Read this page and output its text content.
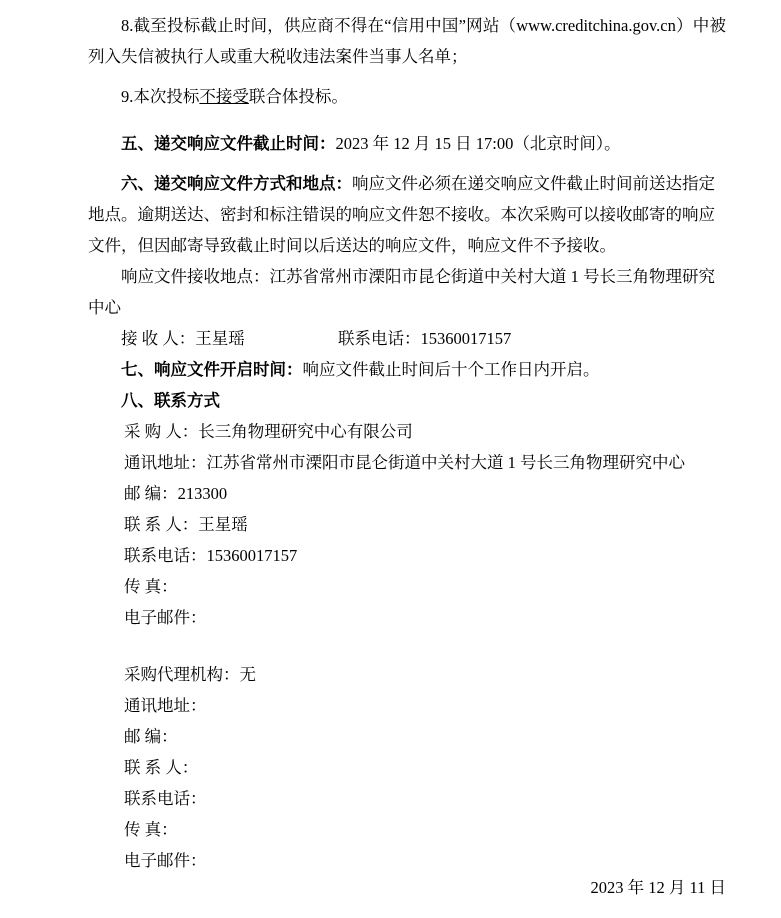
8.截至投标截止时间，供应商不得在“信用中国”网站（www.creditchina.gov.cn）中被列入失信被执行人或重大税收违法案件当事人名单；

9.本次投标不接受联合体投标。

五、递交响应文件截止时间：2023 年 12 月 15 日 17:00（北京时间）。

六、递交响应文件方式和地点：响应文件必须在递交响应文件截止时间前送达指定地点。逾期送达、密封和标注错误的响应文件恕不接收。本次采购可以接收邮寄的响应文件，但因邮寄导致截止时间以后送达的响应文件，响应文件不予接收。

响应文件接收地点：江苏省常州市溧阳市昆仑街道中关村大道 1 号长三角物理研究中心

接 收 人：王星瑶	联系电话：15360017157

七、响应文件开启时间：响应文件截止时间后十个工作日内开启。

八、联系方式

采 购 人：长三角物理研究中心有限公司

通讯地址：江苏省常州市溧阳市昆仑街道中关村大道 1 号长三角物理研究中心

邮 编：213300

联 系 人：王星瑶

联系电话：15360017157

传 真：

电子邮件：

采购代理机构：无

通讯地址：

邮 编：

联 系 人：

联系电话：

传 真：

电子邮件：

2023 年 12 月 11 日
